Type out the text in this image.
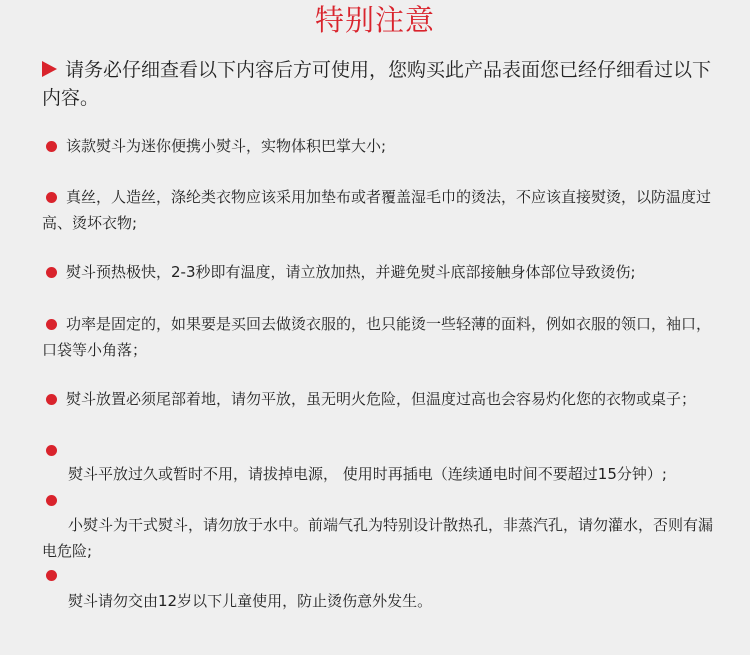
特别注意
请务必仔细查看以下内容后方可使用，您购买此产品表面您已经仔细看过以下内容。
该款熨斗为迷你便携小熨斗，实物体积巴掌大小;
真丝，人造丝，涤纶类衣物应该采用加垫布或者覆盖湿毛巾的烫法，不应该直接熨烫，以防温度过高、烫坏衣物;
熨斗预热极快，2-3秒即有温度，请立放加热，并避免熨斗底部接触身体部位导致烫伤;
功率是固定的，如果要是买回去做烫衣服的，也只能烫一些轻薄的面料，例如衣服的领口，袖口，口袋等小角落；
熨斗放置必须尾部着地，请勿平放，虽无明火危险，但温度过高也会容易灼化您的衣物或桌子；
熨斗平放过久或暂时不用，请拔掉电源， 使用时再插电（连续通电时间不要超过15分钟）;
小熨斗为干式熨斗，请勿放于水中。前端气孔为特别设计散热孔，非蒸汽孔，请勿灌水，否则有漏电危险;
熨斗请勿交由12岁以下儿童使用，防止烫伤意外发生。
